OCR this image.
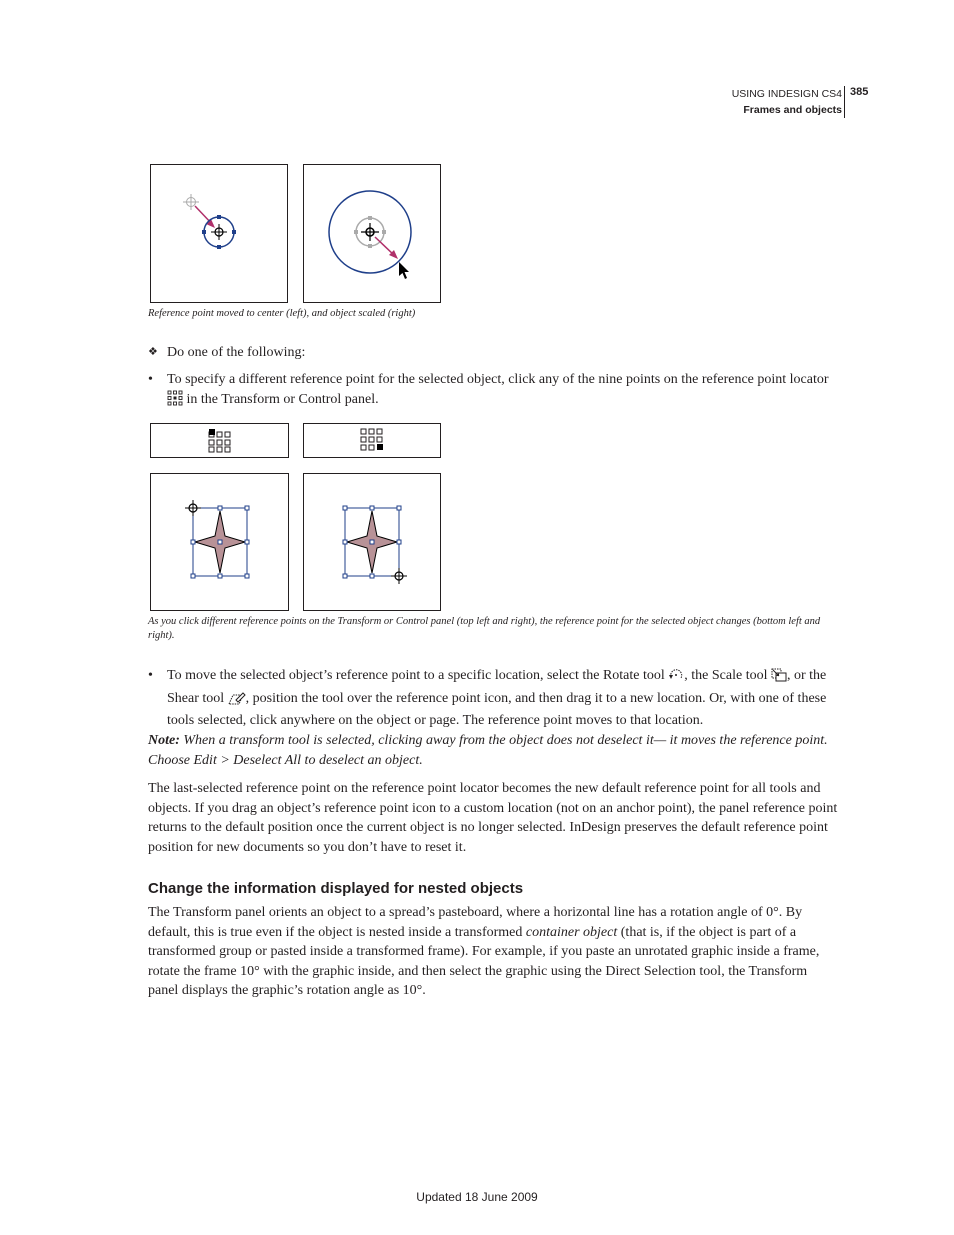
USING INDESIGN CS4
Frames and objects
385
Reference point moved to center (left), and object scaled (right)
❖ Do one of the following:
•	To specify a different reference point for the selected object, click any of the nine points on the reference point locator  in the Transform or Control panel.
As you click different reference points on the Transform or Control panel (top left and right), the reference point for the selected object changes (bottom left and right).
•	To move the selected object’s reference point to a specific location, select the Rotate tool , the Scale tool , or the Shear tool , position the tool over the reference point icon, and then drag it to a new location. Or, with one of these tools selected, click anywhere on the object or page. The reference point moves to that location.
Note: When a transform tool is selected, clicking away from the object does not deselect it— it moves the reference point. Choose Edit > Deselect All to deselect an object.
The last-selected reference point on the reference point locator becomes the new default reference point for all tools and objects. If you drag an object’s reference point icon to a custom location (not on an anchor point), the panel reference point returns to the default position once the current object is no longer selected. InDesign preserves the default reference point position for new documents so you don’t have to reset it.
Change the information displayed for nested objects
The Transform panel orients an object to a spread’s pasteboard, where a horizontal line has a rotation angle of 0°. By default, this is true even if the object is nested inside a transformed container object (that is, if the object is part of a transformed group or pasted inside a transformed frame). For example, if you paste an unrotated graphic inside a frame, rotate the frame 10° with the graphic inside, and then select the graphic using the Direct Selection tool, the Transform panel displays the graphic’s rotation angle as 10°.
Updated 18 June 2009
